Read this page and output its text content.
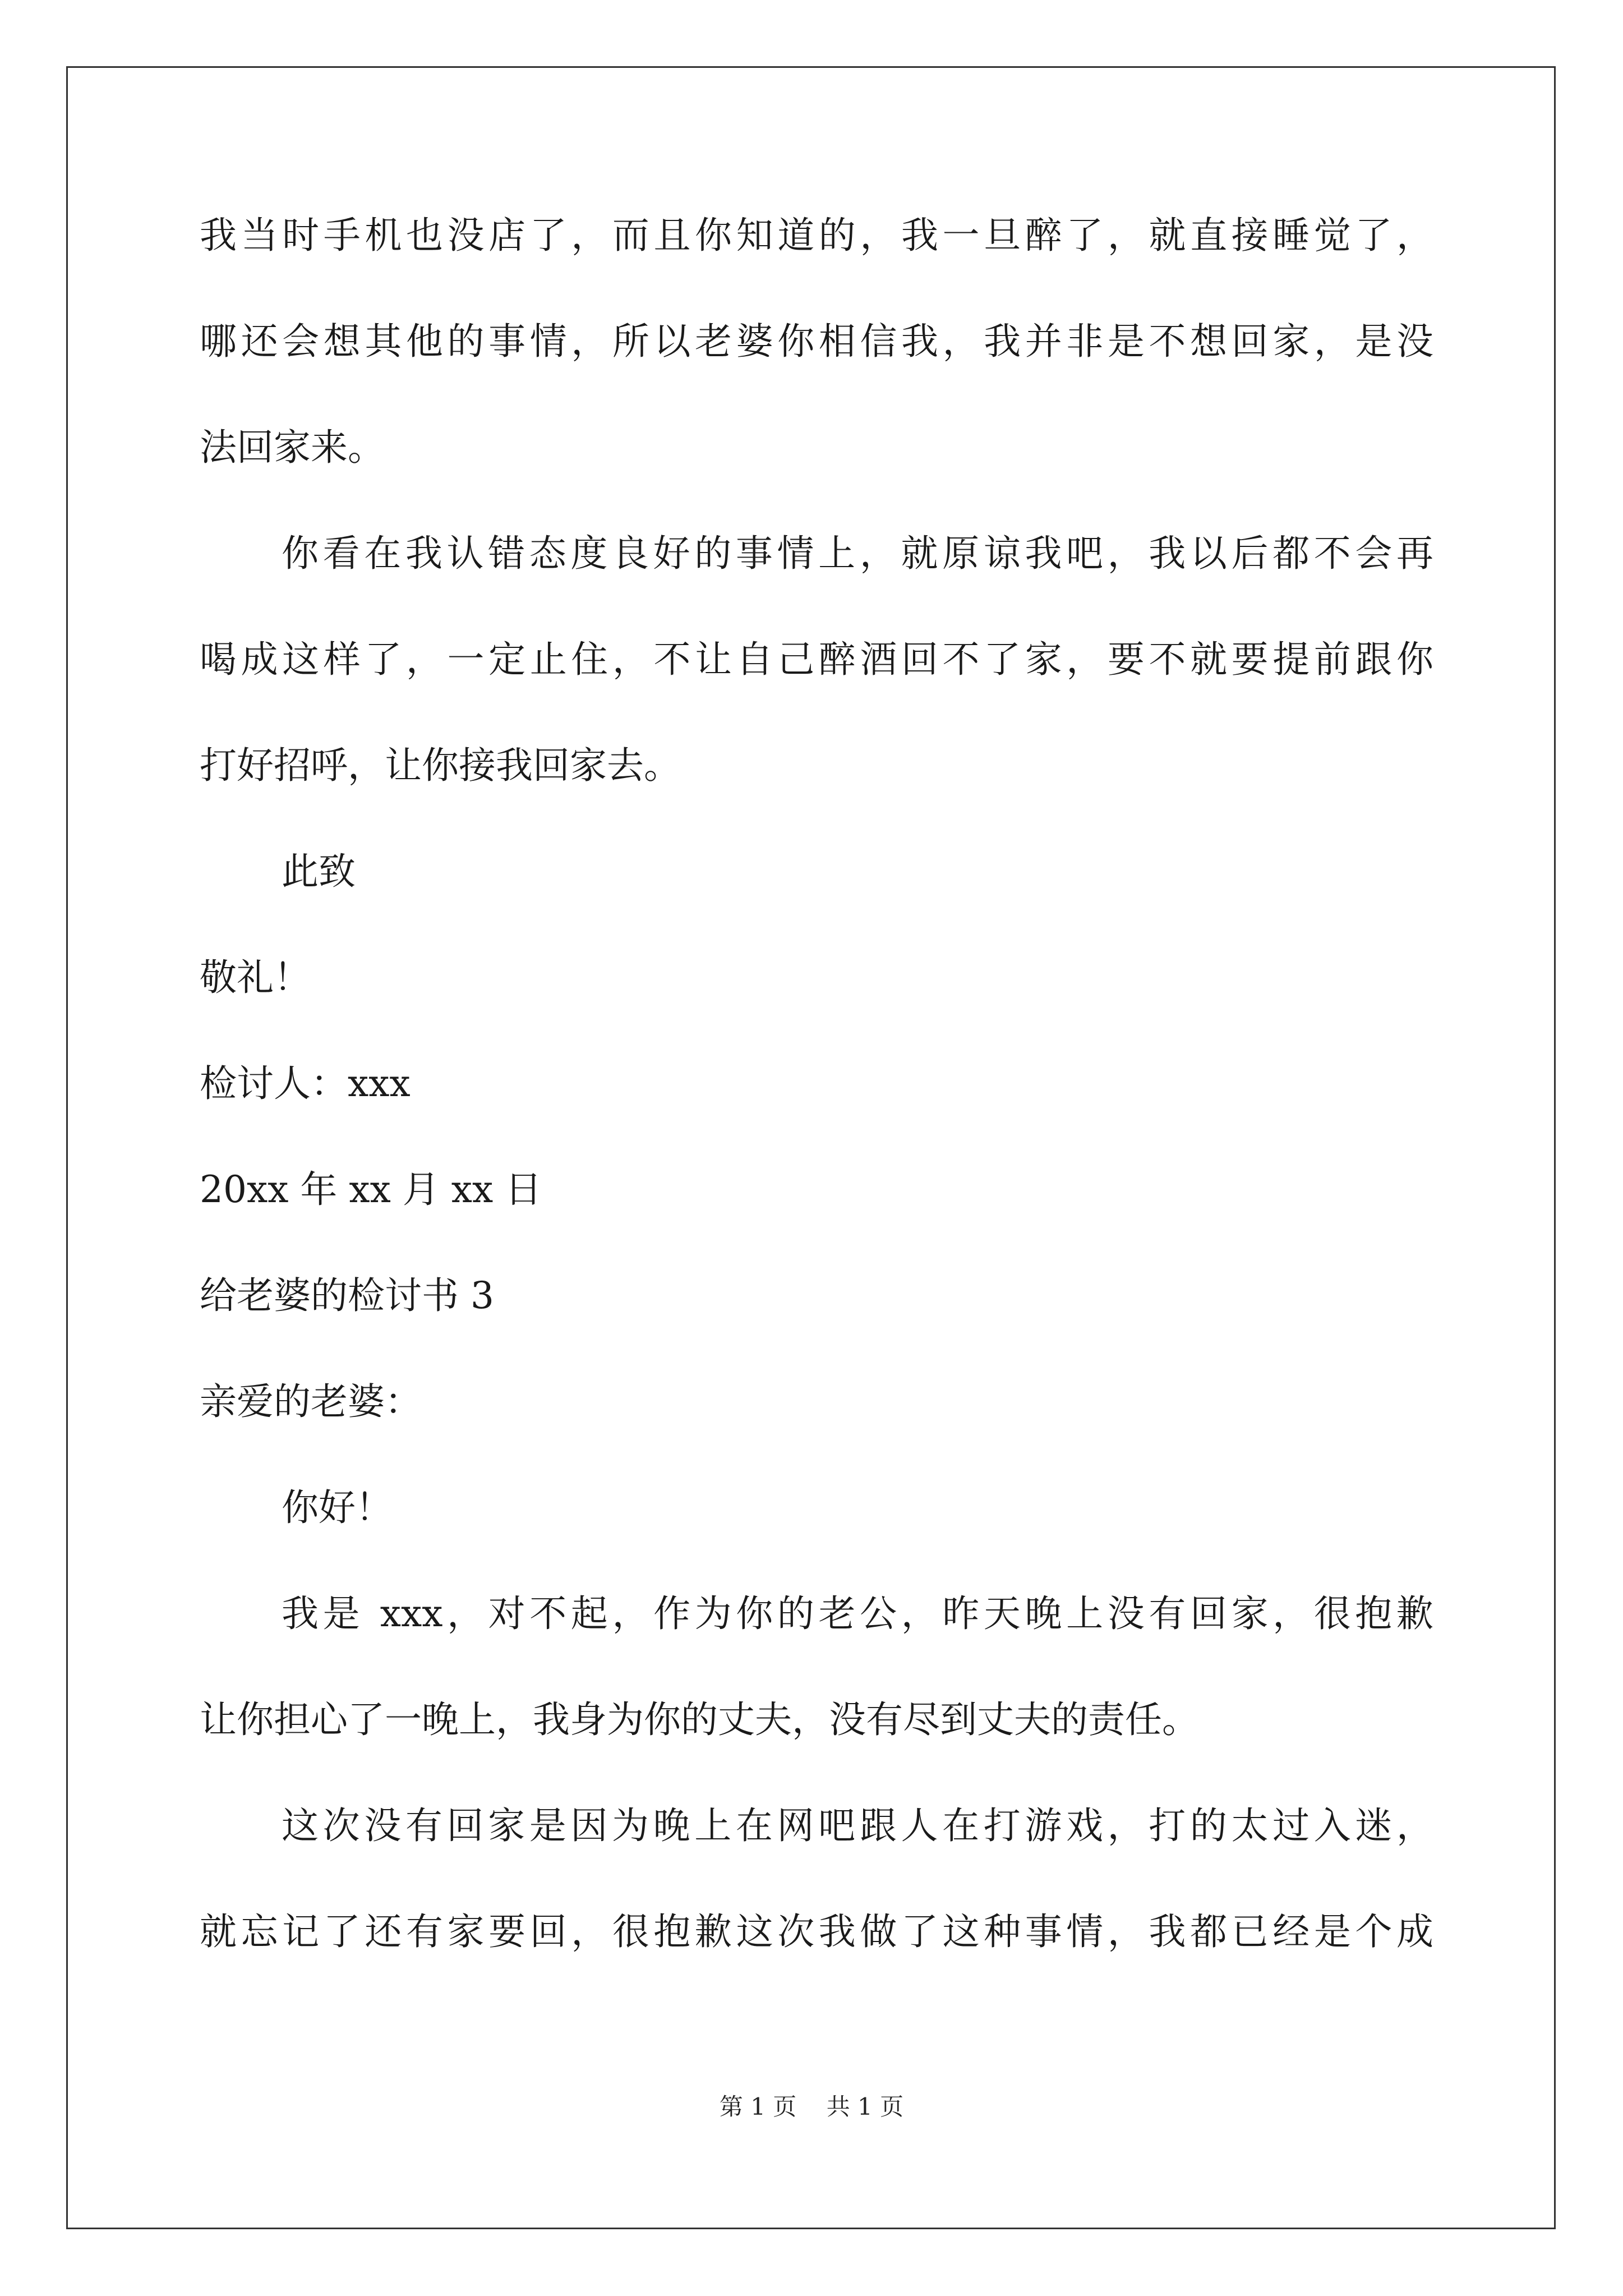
我当时手机也没店了，而且你知道的，我一旦醉了，就直接睡觉了，
哪还会想其他的事情，所以老婆你相信我，我并非是不想回家，是没
法回家来。
你看在我认错态度良好的事情上，就原谅我吧，我以后都不会再
喝成这样了，一定止住，不让自己醉酒回不了家，要不就要提前跟你
打好招呼，让你接我回家去。
此致
敬礼！
检讨人：xxx
20xx 年 xx 月 xx 日
给老婆的检讨书 3
亲爱的老婆：
你好！
我是 xxx，对不起，作为你的老公，昨天晚上没有回家，很抱歉
让你担心了一晚上，我身为你的丈夫，没有尽到丈夫的责任。
这次没有回家是因为晚上在网吧跟人在打游戏，打的太过入迷，
就忘记了还有家要回，很抱歉这次我做了这种事情，我都已经是个成
第 1 页    共 1 页
